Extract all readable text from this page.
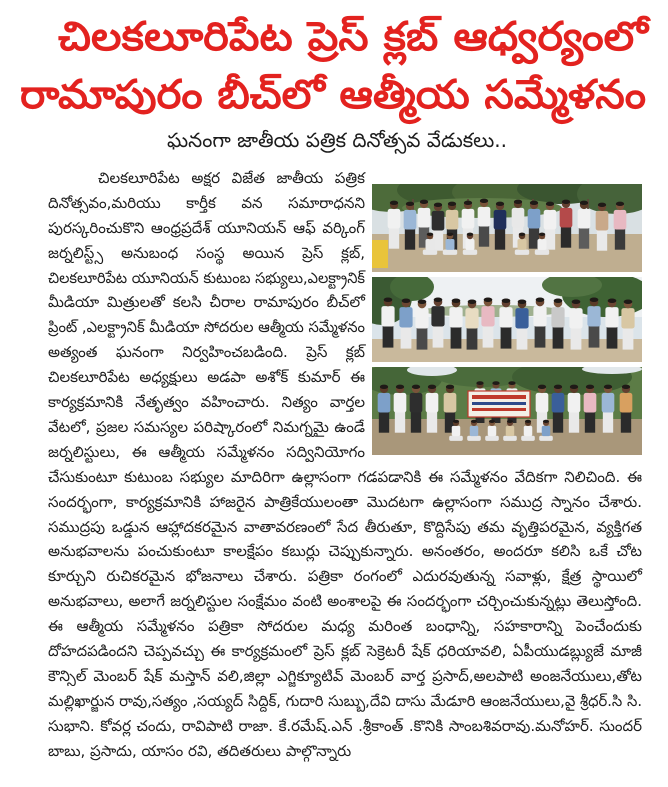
చిలకలూరిపేట ప్రెస్ క్లబ్ ఆధ్వర్యంలో
రామాపురం బీచ్‌లో ఆత్మీయ సమ్మేళనం
ఘనంగా జాతీయ పత్రిక దినోత్సవ వేడుకలు..
చిలకలూరిపేట అక్షర విజేత జాతీయ పత్రిక
దినోత్సవం,మరియు కార్తీక వన సమారాధనని
పురస్కరించుకొని ఆంధ్రప్రదేశ్ యూనియన్ ఆఫ్ వర్కింగ్
జర్నలిస్ట్స్ అనుబంధ సంస్థ అయిన ప్రెస్ క్లబ్,
చిలకలూరిపేట యూనియన్ కుటుంబ సభ్యులు,ఎలక్ట్రానిక్
మీడియా మిత్రులతో కలసి చీరాల రామాపురం బీచ్‌లో
ప్రింట్ ,ఎలక్ట్రానిక్ మీడియా సోదరుల ఆత్మీయ సమ్మేళనం
అత్యంత ఘనంగా నిర్వహించబడింది. ప్రెస్ క్లబ్
చిలకలూరిపేట అధ్యక్షులు అడపా అశోక్ కుమార్ ఈ
కార్యక్రమానికి నేతృత్వం వహించారు. నిత్యం వార్తల
వేటలో, ప్రజల సమస్యల పరిష్కారంలో నిమగ్నమై ఉండే
జర్నలిస్టులు, ఈ ఆత్మీయ సమ్మేళనం సద్వినియోగం
చేసుకుంటూ కుటుంబ సభ్యుల మాదిరిగా ఉల్లాసంగా గడపడానికి ఈ సమ్మేళనం వేదికగా నిలిచింది. ఈ
సందర్భంగా, కార్యక్రమానికి హాజరైన పాత్రికేయులంతా మొదటగా ఉల్లాసంగా సముద్ర స్నానం చేశారు.
సముద్రపు ఒడ్డున ఆహ్లాదకరమైన వాతావరణంలో సేద తీరుతూ, కొద్దిసేపు తమ వృత్తిపరమైన, వ్యక్తిగత
అనుభవాలను పంచుకుంటూ కాలక్షేపం కబుర్లు చెప్పుకున్నారు. అనంతరం, అందరూ కలిసి ఒకే చోట
కూర్చుని రుచికరమైన భోజనాలు చేశారు. పత్రికా రంగంలో ఎదురవుతున్న సవాళ్లు, క్షేత్ర స్థాయిలో
అనుభవాలు, అలాగే జర్నలిస్టుల సంక్షేమం వంటి అంశాలపై ఈ సందర్భంగా చర్చించుకున్నట్లు తెలుస్తోంది.
ఈ ఆత్మీయ సమ్మేళనం పత్రికా సోదరుల మధ్య మరింత బంధాన్ని, సహకారాన్ని పెంచేందుకు
దోహదపడిందని చెప్పవచ్చు ఈ కార్యక్రమంలో ప్రెస్ క్లబ్ సెక్రెటరీ షేక్ ధరియావలి, ఏపీయుడబ్ల్యుజే మాజీ
కౌన్సిల్ మెంబర్ షేక్ మస్తాన్ వలి,జిల్లా ఎగ్జిక్యూటివ్ మెంబర్ వార్త ప్రసాద్,అలపాటి అంజనేయులు,తోట
మల్లిఖార్జున రావు,సత్యం ,సయ్యద్ సిద్దిక్, గుదారి సుబ్బు,దేవి దాసు మేడూరి ఆంజనేయులు,వై శ్రీధర్.సి సి.
సుభాని. కోవర్ల చందు, రావిపాటి రాజా. కే.రమేష్.ఎన్ .శ్రీకాంత్ .కొనికి సాంబశివరావు.మనోహర్. సుందర్
బాబు, ప్రసాదు, యాసం రవి, తదితరులు పాల్గొన్నారు
